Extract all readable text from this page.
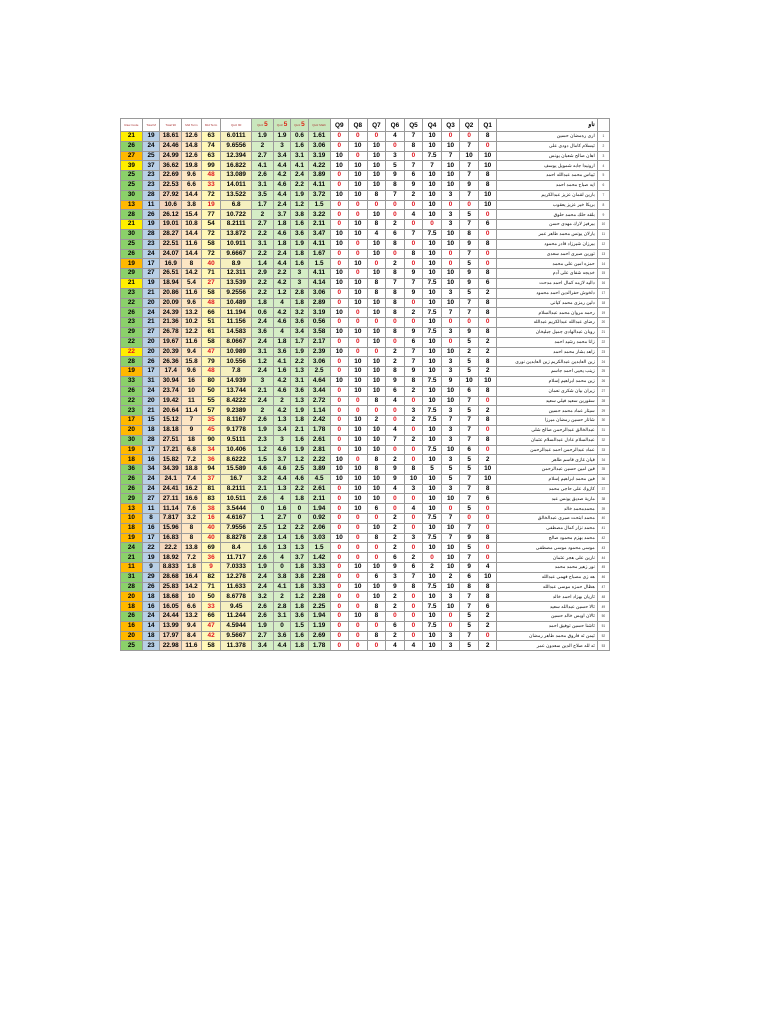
Raw Code	Total M	Total 90	Mid Term	Mid Term	Quiz 90	Quiz 5	Quiz 5	Quiz 5	Quiz Math	Q9	Q8	Q7	Q6	Q5	Q4	Q3	Q2	Q1	ناو	
21	19	18.61	12.6	63	6.0111	1.9	1.9	0.6	1.61	0	0	0	4	7	10	0	0	8	ارى رەمضان حسين	1
26	24	24.46	14.8	74	9.6556	2	3	1.6	3.06	0	10	10	0	8	10	10	7	0	ئيسلام كامال دودى على	2
27	25	24.99	12.6	63	12.394	2.7	3.4	3.1	3.19	10	0	10	3	0	7.5	7	10	10	اهان صالح شعبان يونس	3
39	37	36.62	19.8	99	16.822	4.1	4.4	4.1	4.22	10	10	10	5	7	7	10	7	10	ارونيدا جابه شمويل يوسف	4
25	23	22.69	9.6	48	13.089	2.6	4.2	2.4	3.89	0	10	10	9	6	10	10	7	8	ئيباس محمد عبدالله احمد	5
25	23	22.53	6.6	33	14.011	3.1	4.6	2.2	4.11	0	10	10	8	9	10	10	9	8	ايه صباح محمد احمد	6
30	28	27.92	14.4	72	13.522	3.5	4.4	1.9	3.72	10	10	8	7	2	10	3	7	10	بارين لقمان عزيز عبدالكريم	7
13	11	10.6	3.8	19	6.8	1.7	2.4	1.2	1.5	0	0	0	0	0	10	0	0	10	بريكا خير عزيز يعقوب	8
28	26	26.12	15.4	77	10.722	2	3.7	3.8	3.22	0	0	10	0	4	10	3	5	0	بلقه حلك محمد حلوق	9
21	19	19.01	10.8	54	8.2111	2.7	1.8	1.6	2.11	0	10	8	2	0	0	3	7	6	بيرفيز لارك مهدى حسن	10
30	28	28.27	14.4	72	13.872	2.2	4.6	3.6	3.47	10	10	4	6	7	7.5	10	8	0	يارلان يونس محمد طاهر عمر	11
25	23	22.51	11.6	58	10.911	3.1	1.8	1.9	4.11	10	0	10	8	0	10	10	9	8	بيرزان شيرزاد قادر محمود	12
26	24	24.07	14.4	72	9.6667	2.2	2.4	1.8	1.67	0	0	10	0	8	10	0	7	0	تورين صبرى احمد سعدى	13
19	17	16.9	8	40	8.9	1.4	4.4	1.6	1.5	0	10	0	2	0	10	0	5	0	حمزه امين على محمد	14
29	27	26.51	14.2	71	12.311	2.9	2.2	3	4.11	10	0	10	8	9	10	10	9	8	خديجه شفاى على آدم	15
21	19	18.94	5.4	27	13.539	2.2	4.2	3	4.14	10	10	8	7	7	7.5	10	9	6	داليه لازمه كمال احمد مدحت	16
23	21	20.86	11.6	58	9.2556	2.2	1.2	2.8	3.06	0	10	8	8	9	10	3	5	2	دلخوش حفرالدين احمد محمود	17
22	20	20.09	9.6	48	10.489	1.8	4	1.8	2.89	0	10	10	8	0	10	10	7	8	دلين رمزى محمد كيانى	18
26	24	24.39	13.2	66	11.194	0.6	4.2	3.2	3.19	10	0	10	8	2	7.5	7	7	8	رحمه مروان محمد عبدالسلام	19
23	21	21.36	10.2	51	11.156	2.4	4.6	3.6	0.56	0	0	0	0	0	10	0	0	0	رضاى عبدالله عبدالكريم عبدالله	20
29	27	26.78	12.2	61	14.583	3.6	4	3.4	3.58	10	10	10	8	9	7.5	3	9	8	روبان عبدالهادى جميل جبليخان	21
22	20	19.67	11.6	58	8.0667	2.4	1.8	1.7	2.17	0	0	10	0	6	10	0	5	2	زانا محمد رشيد احمد	22
22	20	20.39	9.4	47	10.989	3.1	3.6	1.9	2.39	10	0	0	2	7	10	10	2	2	زاهد بشار محمد احمد	23
28	26	26.36	15.8	79	10.556	1.2	4.1	2.2	3.06	0	10	10	2	7	10	3	5	8	زين العابدين عبدالكريم زين العابدين نورى	24
19	17	17.4	9.6	48	7.8	2.4	1.6	1.3	2.5	0	10	10	8	9	10	3	5	2	زينب يحيى احمد جاسم	25
33	31	30.94	16	80	14.939	3	4.2	3.1	4.64	10	10	10	9	8	7.5	9	10	10	زين محمد ابراهيم إسلام	26
26	24	23.74	10	50	13.744	2.1	4.6	3.6	3.44	0	10	10	6	2	10	10	6	8	زيران بيان شكرى نعمان	27
22	20	19.42	11	55	8.4222	2.4	2	1.3	2.72	0	0	8	4	0	10	10	7	0	سقورين سعيد فيلي سعيد	28
23	21	20.64	11.4	57	9.2389	2	4.2	1.9	1.14	0	0	0	0	3	7.5	3	5	2	سيتار عماد محمد حسين	29
17	15	15.12	7	35	8.1167	2.6	1.3	1.8	2.42	0	10	2	0	2	7.5	7	7	8	شانار حسين رمضان ميرزا	30
20	18	18.18	9	45	9.1778	1.9	3.4	2.1	1.78	0	10	10	4	0	10	3	7	0	عبدالخالق عبدالرحمن صالح شلى	31
30	28	27.51	18	90	9.5111	2.3	3	1.6	2.61	0	10	10	7	2	10	3	7	8	عبدالسلام عادل عبدالسلام عثمان	32
19	17	17.21	6.8	34	10.406	1.2	4.6	1.9	2.81	0	10	10	0	0	7.5	10	6	0	عماد عبدالرحمن احمد عبدالرحمن	33
18	16	15.82	7.2	36	8.6222	1.5	3.7	1.2	2.22	10	0	8	2	0	10	3	5	2	قيان غازى قاسم طاهر	34
36	34	34.39	18.8	94	15.589	4.6	4.6	2.5	3.89	10	10	8	9	8	5	5	5	10	قين امين حسين عبدالرحمن	35
26	24	24.1	7.4	37	16.7	3.2	4.4	4.6	4.5	10	10	10	9	10	10	5	7	10	فين محمد ابراهيم إسلام	36
26	24	24.41	16.2	81	8.2111	2.1	1.3	2.2	2.61	0	10	10	4	3	10	3	7	8	كازوك على حاجى محمد	37
29	27	27.11	16.6	83	10.511	2.6	4	1.8	2.11	0	10	10	0	0	10	10	7	6	مارية صديق يونس عبد	38
13	11	11.14	7.6	38	3.5444	0	1.6	0	1.94	0	10	6	0	4	10	0	5	0	محمدمحمد خالد	39
10	8	7.817	3.2	16	4.6167	1	2.7	0	0.92	0	0	0	2	0	7.5	7	0	0	محمد ابتحت صبرى عبدالخالق	40
18	16	15.96	8	40	7.9556	2.5	1.2	2.2	2.06	0	0	10	2	0	10	10	7	0	محمد نزار كمال مصطفى	41
19	17	16.83	8	40	8.8278	2.8	1.4	1.6	3.03	10	0	8	2	3	7.5	7	9	8	محمد بهزم محمود صالح	42
24	22	22.2	13.8	69	8.4	1.6	1.3	1.3	1.5	0	0	0	2	0	10	10	5	0	موسى محمود موسى مصطفى	43
21	19	18.92	7.2	36	11.717	2.6	4	3.7	1.42	0	0	0	6	2	0	10	7	0	نارين على هجر عثمان	44
11	9	8.833	1.8	9	7.0333	1.9	0	1.8	3.33	0	10	10	9	6	2	10	9	4	نور زهير محمد محمد	45
31	29	28.68	16.4	82	12.278	2.4	3.8	3.8	2.28	0	0	6	3	7	10	2	6	10	هه زى مصباح فهمى عبدالله	46
28	26	25.83	14.2	71	11.633	2.4	4.1	1.8	3.33	0	10	10	9	8	7.5	10	8	8	هظال حمزه موسى عبدالله	47
20	18	18.68	10	50	8.6778	3.2	2	1.2	2.28	0	0	10	2	0	10	3	7	8	ئاريان بهزاد احمد خالد	48
18	16	16.05	6.6	33	9.45	2.6	2.8	1.8	2.25	0	0	8	2	0	7.5	10	7	6	ئالا حسين عبدالله سعيد	49
26	24	24.44	13.2	66	11.244	2.6	3.1	3.6	1.94	0	10	8	0	0	10	0	5	2	ئالان اويس خالد حسين	50
16	14	13.99	9.4	47	4.5944	1.9	0	1.5	1.19	0	0	0	6	0	7.5	0	5	2	ئاشنا حسين توفيق احمد	51
20	18	17.97	8.4	42	9.5667	2.7	3.6	1.6	2.69	0	0	8	2	0	10	3	7	0	ئيمن ئه فاروق محمد طاهر رمضان	52
25	23	22.98	11.6	58	11.378	3.4	4.4	1.8	1.78	0	0	0	4	4	10	3	5	2	ئه لله صلاح الدين سعدون عمر	53
